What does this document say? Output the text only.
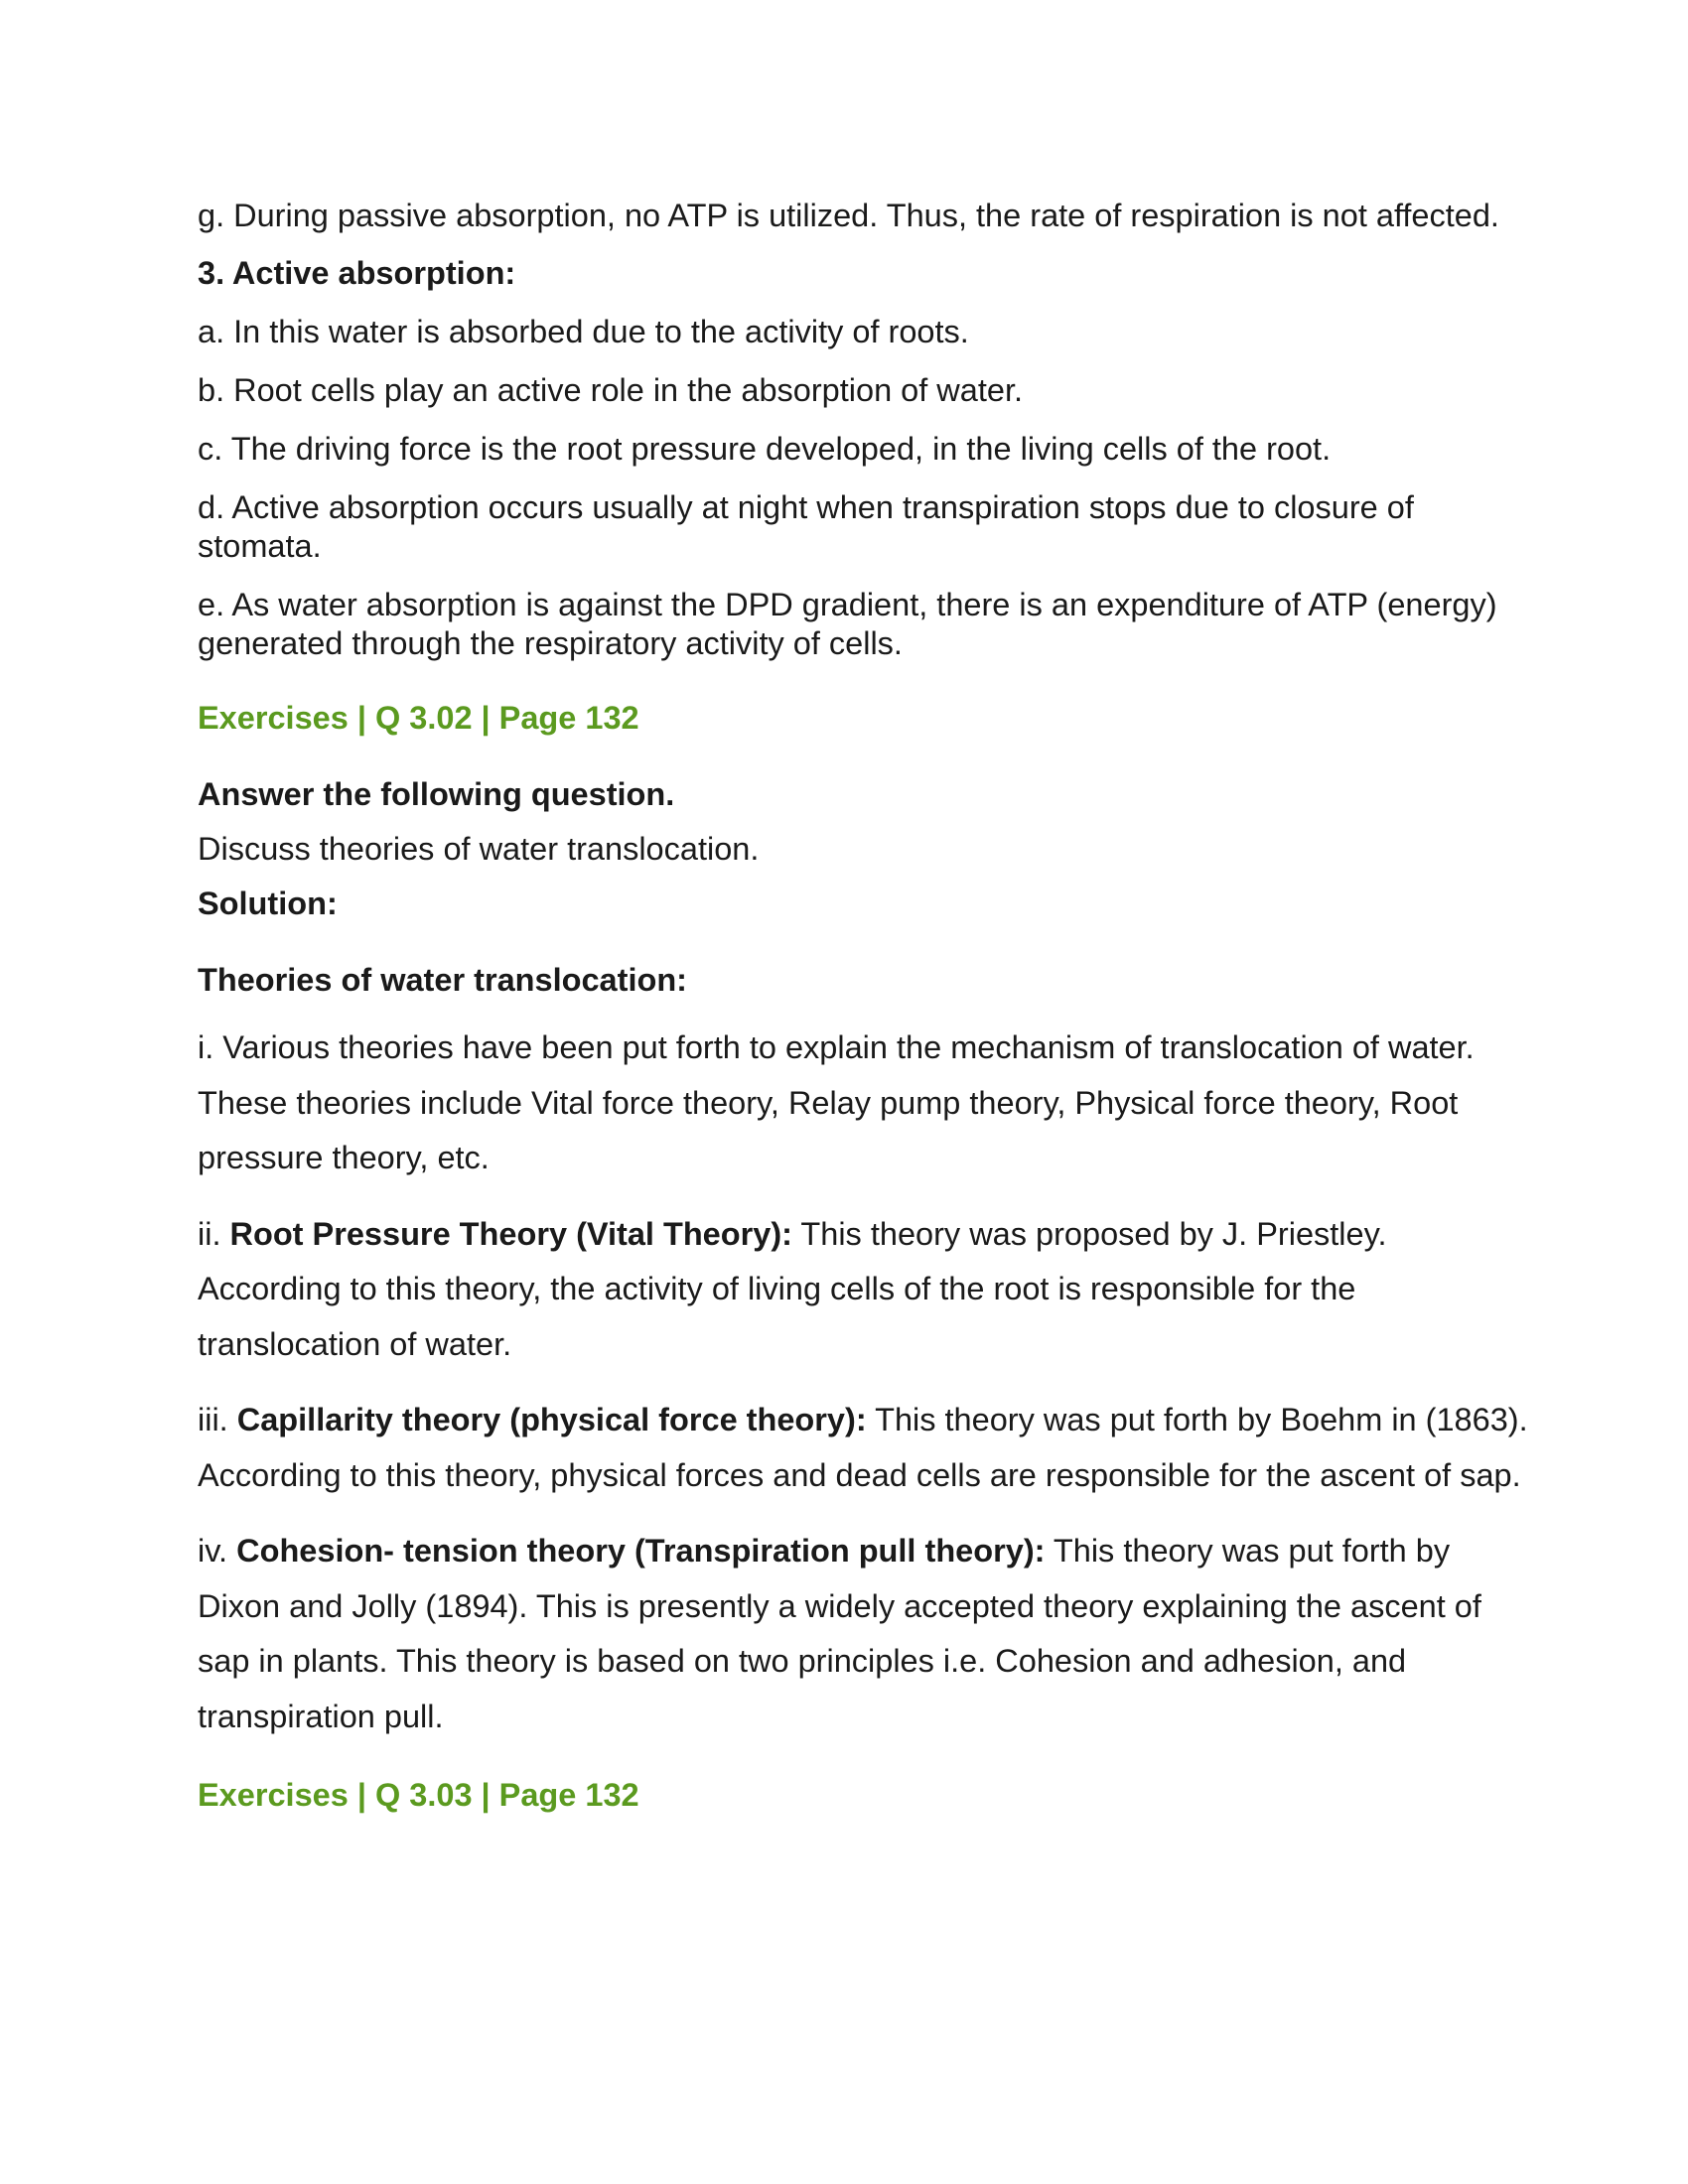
g. During passive absorption, no ATP is utilized. Thus, the rate of respiration is not affected.

3. Active absorption:

a. In this water is absorbed due to the activity of roots.

b. Root cells play an active role in the absorption of water.

c. The driving force is the root pressure developed, in the living cells of the root.

d. Active absorption occurs usually at night when transpiration stops due to closure of stomata.

e. As water absorption is against the DPD gradient, there is an expenditure of ATP (energy) generated through the respiratory activity of cells.

Exercises | Q 3.02 | Page 132

Answer the following question.

Discuss theories of water translocation.

Solution:

Theories of water translocation:

i. Various theories have been put forth to explain the mechanism of translocation of water. These theories include Vital force theory, Relay pump theory, Physical force theory, Root pressure theory, etc.

ii. Root Pressure Theory (Vital Theory): This theory was proposed by J. Priestley. According to this theory, the activity of living cells of the root is responsible for the translocation of water.

iii. Capillarity theory (physical force theory): This theory was put forth by Boehm in (1863). According to this theory, physical forces and dead cells are responsible for the ascent of sap.

iv. Cohesion- tension theory (Transpiration pull theory): This theory was put forth by Dixon and Jolly (1894). This is presently a widely accepted theory explaining the ascent of sap in plants. This theory is based on two principles i.e. Cohesion and adhesion, and transpiration pull.

Exercises | Q 3.03 | Page 132
